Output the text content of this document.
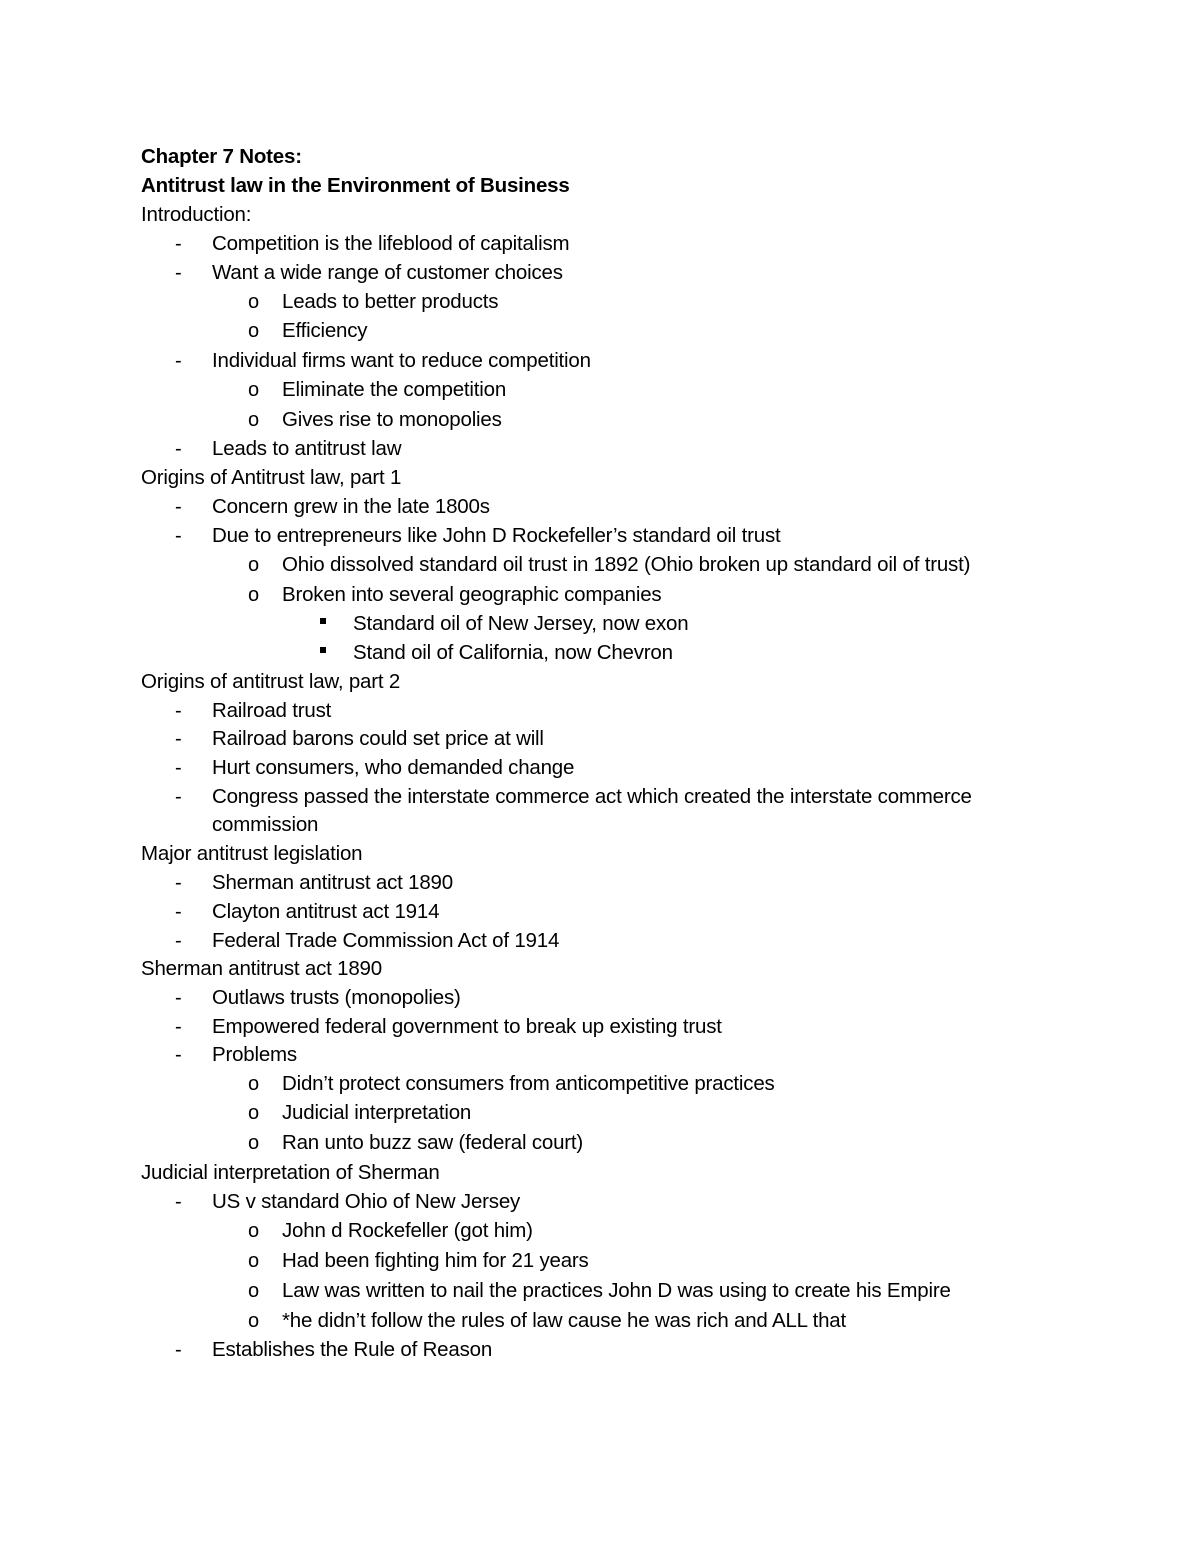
Chapter 7 Notes:
Antitrust law in the Environment of Business
Introduction:
- Competition is the lifeblood of capitalism
- Want a wide range of customer choices
o Leads to better products
o Efficiency
- Individual firms want to reduce competition
o Eliminate the competition
o Gives rise to monopolies
- Leads to antitrust law
Origins of Antitrust law, part 1
- Concern grew in the late 1800s
- Due to entrepreneurs like John D Rockefeller’s standard oil trust
o Ohio dissolved standard oil trust in 1892 (Ohio broken up standard oil of trust)
o Broken into several geographic companies
Standard oil of New Jersey, now exon
Stand oil of California, now Chevron
Origins of antitrust law, part 2
- Railroad trust
- Railroad barons could set price at will
- Hurt consumers, who demanded change
- Congress passed the interstate commerce act which created the interstate commerce
commission
Major antitrust legislation
- Sherman antitrust act 1890
- Clayton antitrust act 1914
- Federal Trade Commission Act of 1914
Sherman antitrust act 1890
- Outlaws trusts (monopolies)
- Empowered federal government to break up existing trust
- Problems
o Didn’t protect consumers from anticompetitive practices
o Judicial interpretation
o Ran unto buzz saw (federal court)
Judicial interpretation of Sherman
- US v standard Ohio of New Jersey
o John d Rockefeller (got him)
o Had been fighting him for 21 years
o Law was written to nail the practices John D was using to create his Empire
o *he didn’t follow the rules of law cause he was rich and ALL that
- Establishes the Rule of Reason
